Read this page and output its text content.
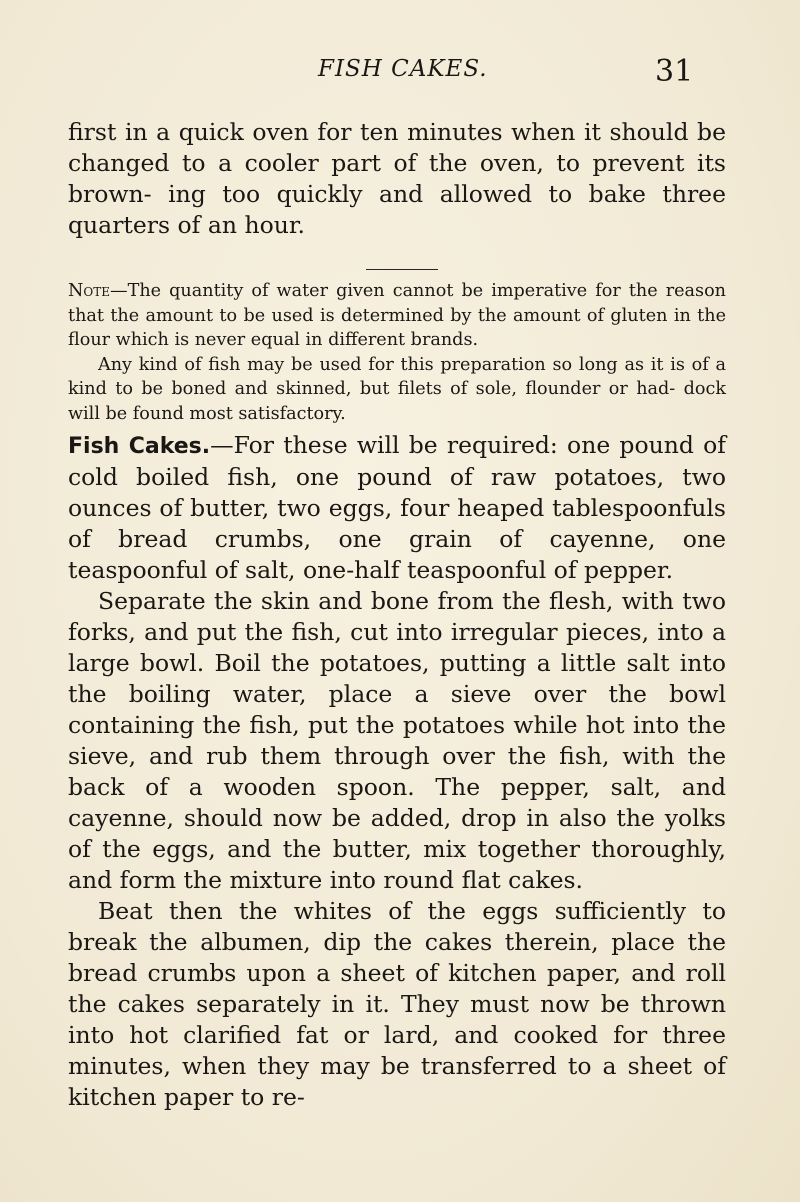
FISH CAKES.	31

first in a quick oven for ten minutes when it should be changed to a cooler part of the oven, to prevent its brown- ing too quickly and allowed to bake three quarters of an hour.

Note—The quantity of water given cannot be imperative for the reason that the amount to be used is determined by the amount of gluten in the flour which is never equal in different brands.

Any kind of fish may be used for this preparation so long as it is of a kind to be boned and skinned, but filets of sole, flounder or had- dock will be found most satisfactory.

Fish Cakes.—For these will be required: one pound of cold boiled fish, one pound of raw potatoes, two ounces of butter, two eggs, four heaped tablespoonfuls of bread crumbs, one grain of cayenne, one teaspoonful of salt, one-half teaspoonful of pepper.

Separate the skin and bone from the flesh, with two forks, and put the fish, cut into irregular pieces, into a large bowl. Boil the potatoes, putting a little salt into the boiling water, place a sieve over the bowl containing the fish, put the potatoes while hot into the sieve, and rub them through over the fish, with the back of a wooden spoon. The pepper, salt, and cayenne, should now be added, drop in also the yolks of the eggs, and the butter, mix together thoroughly, and form the mixture into round flat cakes.

Beat then the whites of the eggs sufficiently to break the albumen, dip the cakes therein, place the bread crumbs upon a sheet of kitchen paper, and roll the cakes separately in it. They must now be thrown into hot clarified fat or lard, and cooked for three minutes, when they may be transferred to a sheet of kitchen paper to re-
